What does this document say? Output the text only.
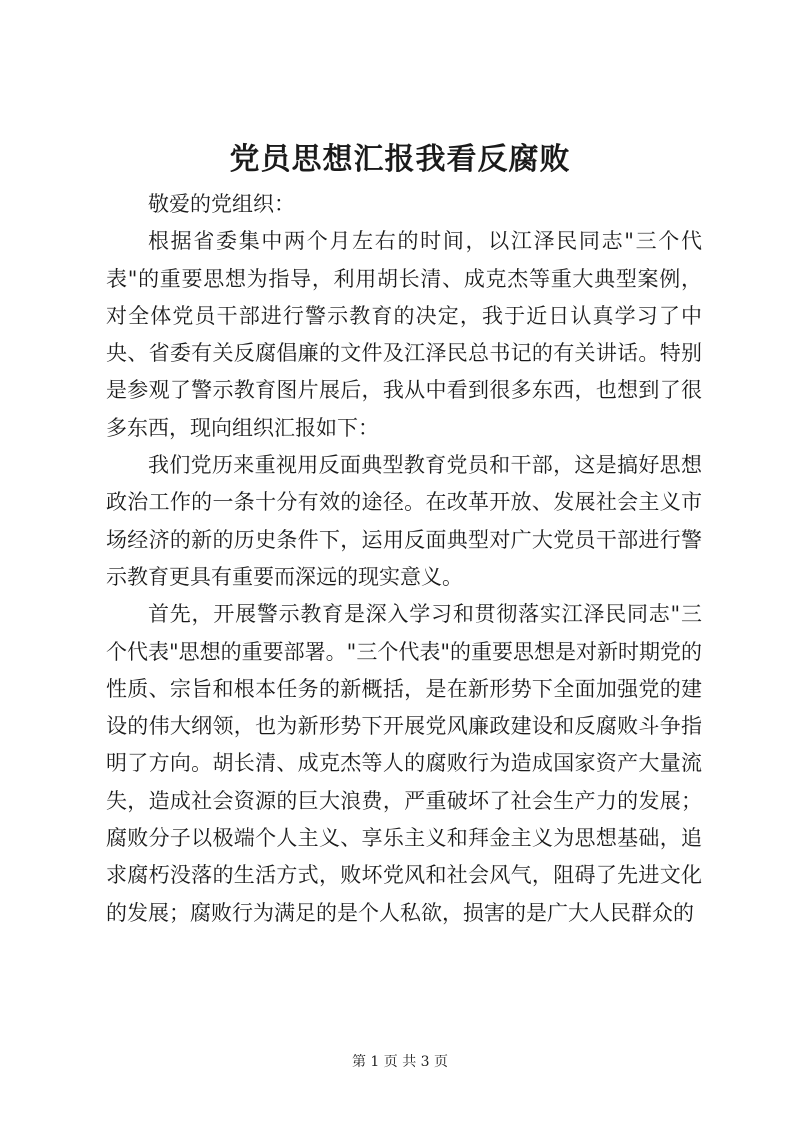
党员思想汇报我看反腐败

敬爱的党组织：

根据省委集中两个月左右的时间，以江泽民同志"三个代表"的重要思想为指导，利用胡长清、成克杰等重大典型案例，对全体党员干部进行警示教育的决定，我于近日认真学习了中央、省委有关反腐倡廉的文件及江泽民总书记的有关讲话。特别是参观了警示教育图片展后，我从中看到很多东西，也想到了很多东西，现向组织汇报如下：

我们党历来重视用反面典型教育党员和干部，这是搞好思想政治工作的一条十分有效的途径。在改革开放、发展社会主义市场经济的新的历史条件下，运用反面典型对广大党员干部进行警示教育更具有重要而深远的现实意义。

首先，开展警示教育是深入学习和贯彻落实江泽民同志"三个代表"思想的重要部署。"三个代表"的重要思想是对新时期党的性质、宗旨和根本任务的新概括，是在新形势下全面加强党的建设的伟大纲领，也为新形势下开展党风廉政建设和反腐败斗争指明了方向。胡长清、成克杰等人的腐败行为造成国家资产大量流失，造成社会资源的巨大浪费，严重破坏了社会生产力的发展；腐败分子以极端个人主义、享乐主义和拜金主义为思想基础，追求腐朽没落的生活方式，败坏党风和社会风气，阻碍了先进文化的发展；腐败行为满足的是个人私欲，损害的是广大人民群众的

第 1 页 共 3 页
